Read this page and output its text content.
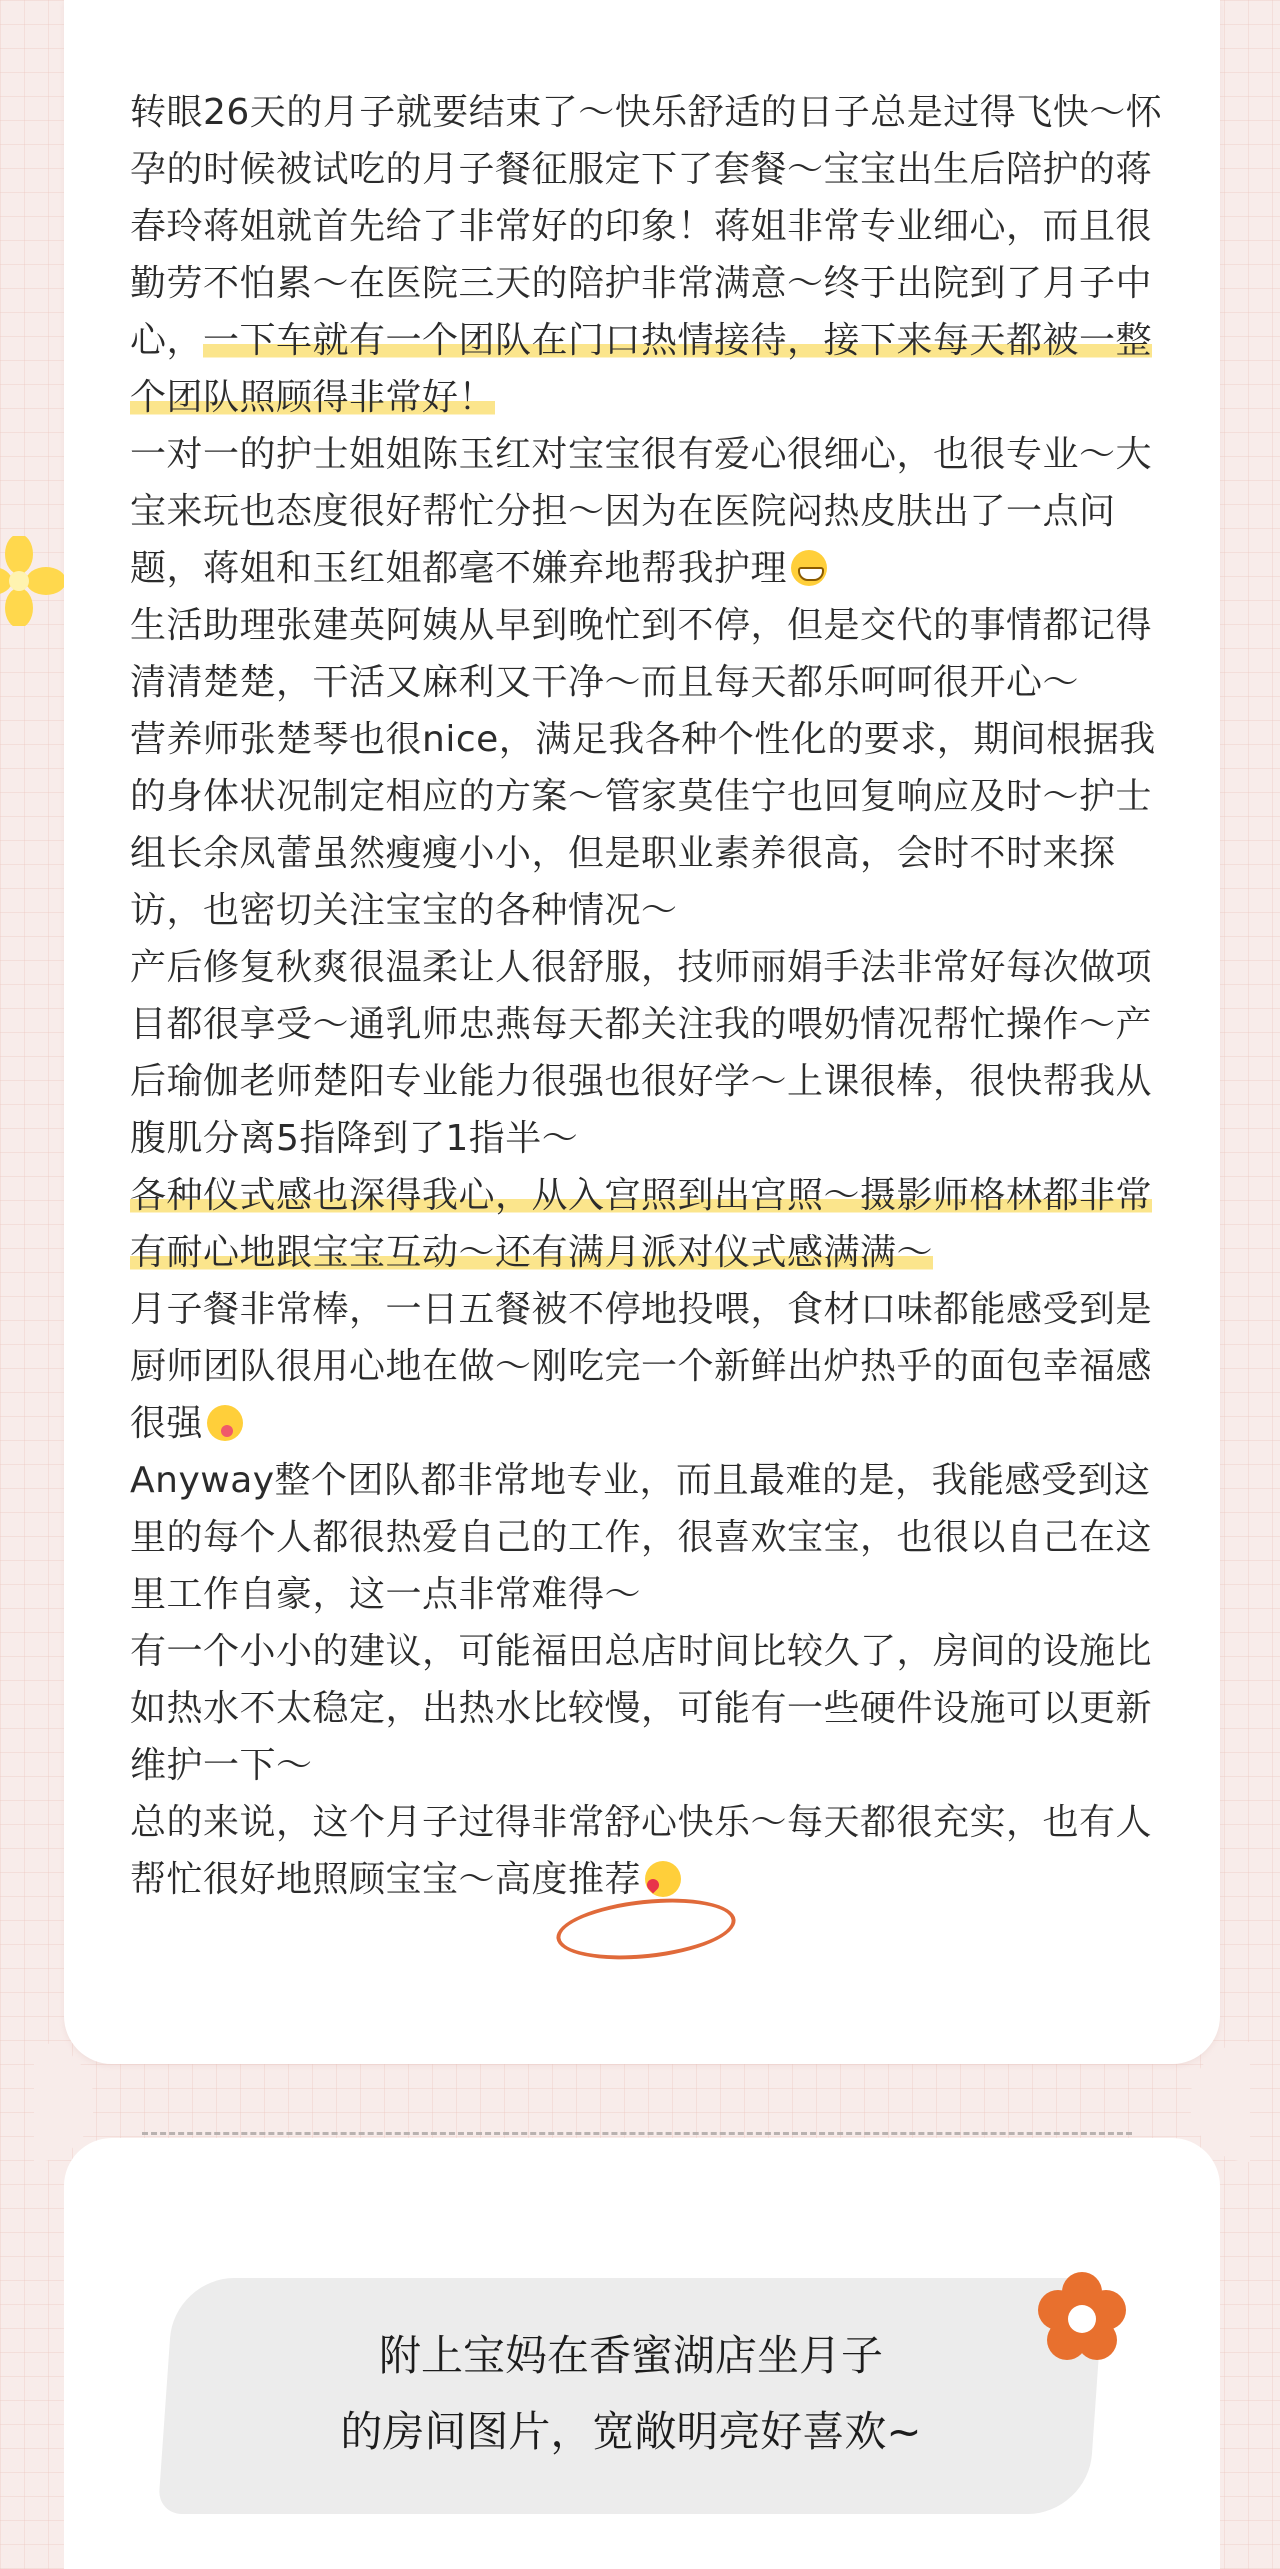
转眼26天的月子就要结束了～快乐舒适的日子总是过得飞快～怀孕的时候被试吃的月子餐征服定下了套餐～宝宝出生后陪护的蒋春玲蒋姐就首先给了非常好的印象！蒋姐非常专业细心，而且很勤劳不怕累～在医院三天的陪护非常满意～终于出院到了月子中心，一下车就有一个团队在门口热情接待，接下来每天都被一整个团队照顾得非常好！

一对一的护士姐姐陈玉红对宝宝很有爱心很细心，也很专业～大宝来玩也态度很好帮忙分担～因为在医院闷热皮肤出了一点问题，蒋姐和玉红姐都毫不嫌弃地帮我护理

生活助理张建英阿姨从早到晚忙到不停，但是交代的事情都记得清清楚楚，干活又麻利又干净～而且每天都乐呵呵很开心～

营养师张楚琴也很nice，满足我各种个性化的要求，期间根据我的身体状况制定相应的方案～管家莫佳宁也回复响应及时～护士组长余凤蕾虽然瘦瘦小小，但是职业素养很高，会时不时来探访，也密切关注宝宝的各种情况～

产后修复秋爽很温柔让人很舒服，技师丽娟手法非常好每次做项目都很享受～通乳师忠燕每天都关注我的喂奶情况帮忙操作～产后瑜伽老师楚阳专业能力很强也很好学～上课很棒，很快帮我从腹肌分离5指降到了1指半～

各种仪式感也深得我心，从入宫照到出宫照～摄影师格林都非常有耐心地跟宝宝互动～还有满月派对仪式感满满～

月子餐非常棒，一日五餐被不停地投喂，食材口味都能感受到是厨师团队很用心地在做～刚吃完一个新鲜出炉热乎的面包幸福感很强

Anyway整个团队都非常地专业，而且最难的是，我能感受到这里的每个人都很热爱自己的工作，很喜欢宝宝，也很以自己在这里工作自豪，这一点非常难得～

有一个小小的建议，可能福田总店时间比较久了，房间的设施比如热水不太稳定，出热水比较慢，可能有一些硬件设施可以更新维护一下～

总的来说，这个月子过得非常舒心快乐～每天都很充实，也有人帮忙很好地照顾宝宝～高度推荐

附上宝妈在香蜜湖店坐月子
的房间图片，宽敞明亮好喜欢~
